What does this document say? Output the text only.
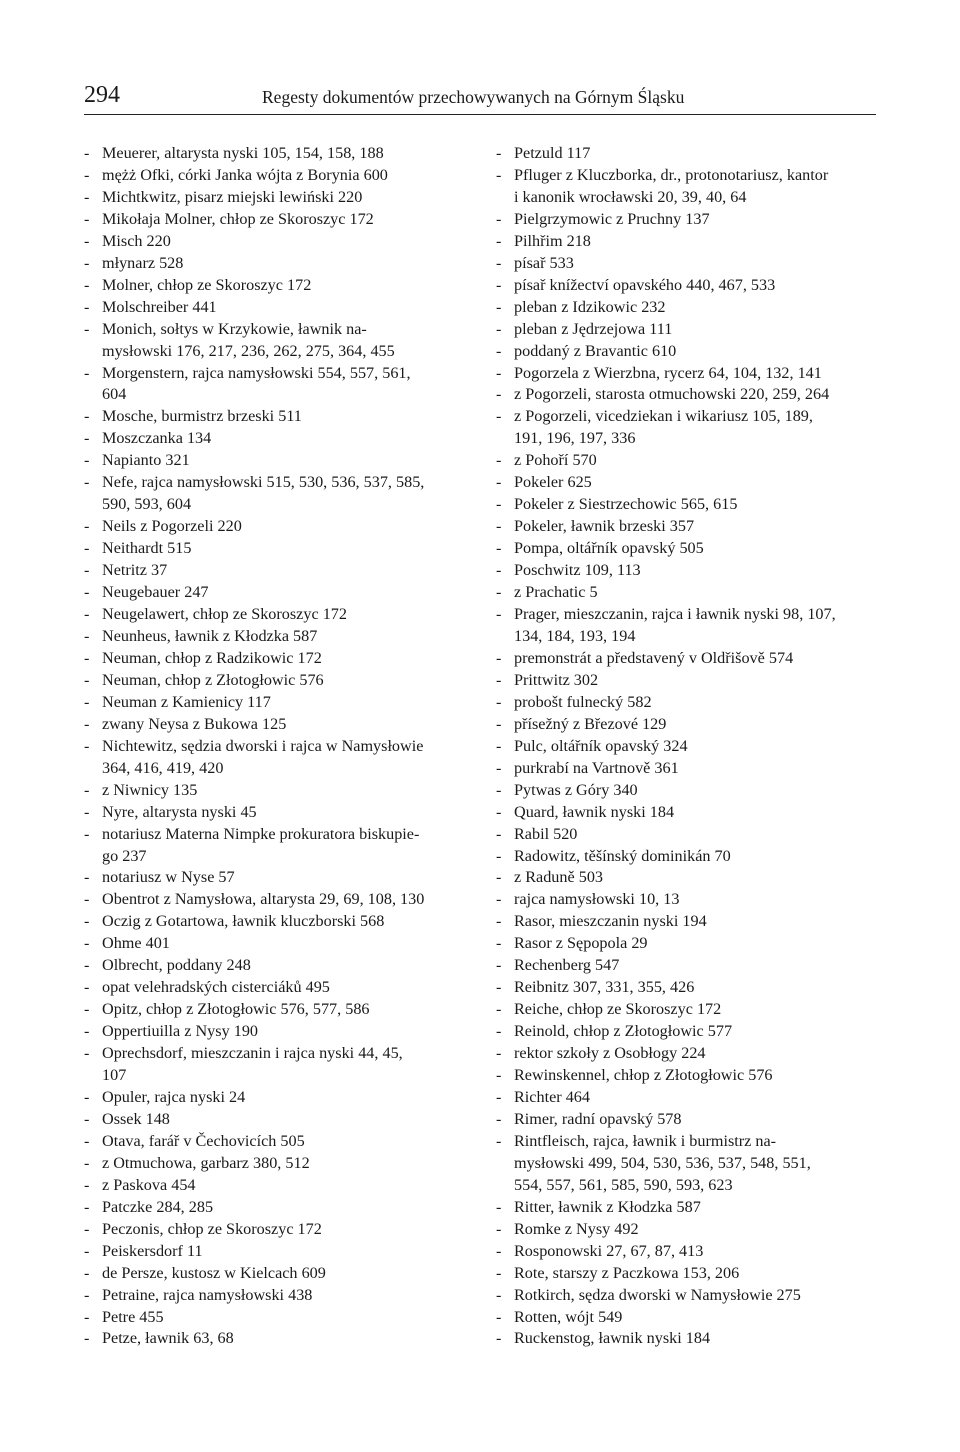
294	Regesty dokumentów przechowywanych na Górnym Śląsku
- Meuerer, altarysta nyski 105, 154, 158, 188
- mężż Ofki, córki Janka wójta z Borynia 600
- Michtkwitz, pisarz miejski lewiński 220
- Mikołaja Molner, chłop ze Skoroszyc 172
- Misch 220
- młynarz 528
- Molner, chłop ze Skoroszyc 172
- Molschreiber 441
- Monich, sołtys w Krzykowie, ławnik na-
mysłowski 176, 217, 236, 262, 275, 364, 455
- Morgenstern, rajca namysłowski 554, 557, 561,
604
- Mosche, burmistrz brzeski 511
- Moszczanka 134
- Napianto 321
- Nefe, rajca namysłowski 515, 530, 536, 537, 585,
590, 593, 604
- Neils z Pogorzeli 220
- Neithardt 515
- Netritz 37
- Neugebauer 247
- Neugelawert, chłop ze Skoroszyc 172
- Neunheus, ławnik z Kłodzka 587
- Neuman, chłop z Radzikowic 172
- Neuman, chłop z Złotogłowic 576
- Neuman z Kamienicy 117
- zwany Neysa z Bukowa 125
- Nichtewitz, sędzia dworski i rajca w Namysłowie
364, 416, 419, 420
- z Niwnicy 135
- Nyre, altarysta nyski 45
- notariusz Materna Nimpke prokuratora biskupie-
go 237
- notariusz w Nyse 57
- Obentrot z Namysłowa, altarysta 29, 69, 108, 130
- Oczig z Gotartowa, ławnik kluczborski 568
- Ohme 401
- Olbrecht, poddany 248
- opat velehradských cisterciáků 495
- Opitz, chłop z Złotogłowic 576, 577, 586
- Oppertiuilla z Nysy 190
- Oprechsdorf, mieszczanin i rajca nyski 44, 45,
107
- Opuler, rajca nyski 24
- Ossek 148
- Otava, farář v Čechovicích 505
- z Otmuchowa, garbarz 380, 512
- z Paskova 454
- Patczke 284, 285
- Peczonis, chłop ze Skoroszyc 172
- Peiskersdorf 11
- de Persze, kustosz w Kielcach 609
- Petraine, rajca namysłowski 438
- Petre 455
- Petze, ławnik 63, 68
- Petzuld 117
- Pfluger z Kluczborka, dr., protonotariusz, kantor
i kanonik wrocławski 20, 39, 40, 64
- Pielgrzymowic z Pruchny 137
- Pilhřim 218
- písař 533
- písař knížectví opavského 440, 467, 533
- pleban z Idzikowic 232
- pleban z Jędrzejowa 111
- poddaný z Bravantic 610
- Pogorzela z Wierzbna, rycerz 64, 104, 132, 141
- z Pogorzeli, starosta otmuchowski 220, 259, 264
- z Pogorzeli, vicedziekan i wikariusz 105, 189,
191, 196, 197, 336
- z Pohoří 570
- Pokeler 625
- Pokeler z Siestrzechowic 565, 615
- Pokeler, ławnik brzeski 357
- Pompa, oltářník opavský 505
- Poschwitz 109, 113
- z Prachatic 5
- Prager, mieszczanin, rajca i ławnik nyski 98, 107,
134, 184, 193, 194
- premonstrát a představený v Oldřišově 574
- Prittwitz 302
- probošt fulnecký 582
- přísežný z Březové 129
- Pulc, oltářník opavský 324
- purkrabí na Vartnově 361
- Pytwas z Góry 340
- Quard, ławnik nyski 184
- Rabil 520
- Radowitz, těšínský dominikán 70
- z Raduně 503
- rajca namysłowski 10, 13
- Rasor, mieszczanin nyski 194
- Rasor z Sępopola 29
- Rechenberg 547
- Reibnitz 307, 331, 355, 426
- Reiche, chłop ze Skoroszyc 172
- Reinold, chłop z Złotogłowic 577
- rektor szkoły z Osobłogy 224
- Rewinskennel, chłop z Złotogłowic 576
- Richter 464
- Rimer, radní opavský 578
- Rintfleisch, rajca, ławnik i burmistrz na-
mysłowski 499, 504, 530, 536, 537, 548, 551,
554, 557, 561, 585, 590, 593, 623
- Ritter, ławnik z Kłodzka 587
- Romke z Nysy 492
- Rosponowski 27, 67, 87, 413
- Rote, starszy z Paczkowa 153, 206
- Rotkirch, sędza dworski w Namysłowie 275
- Rotten, wójt 549
- Ruckenstog, ławnik nyski 184
